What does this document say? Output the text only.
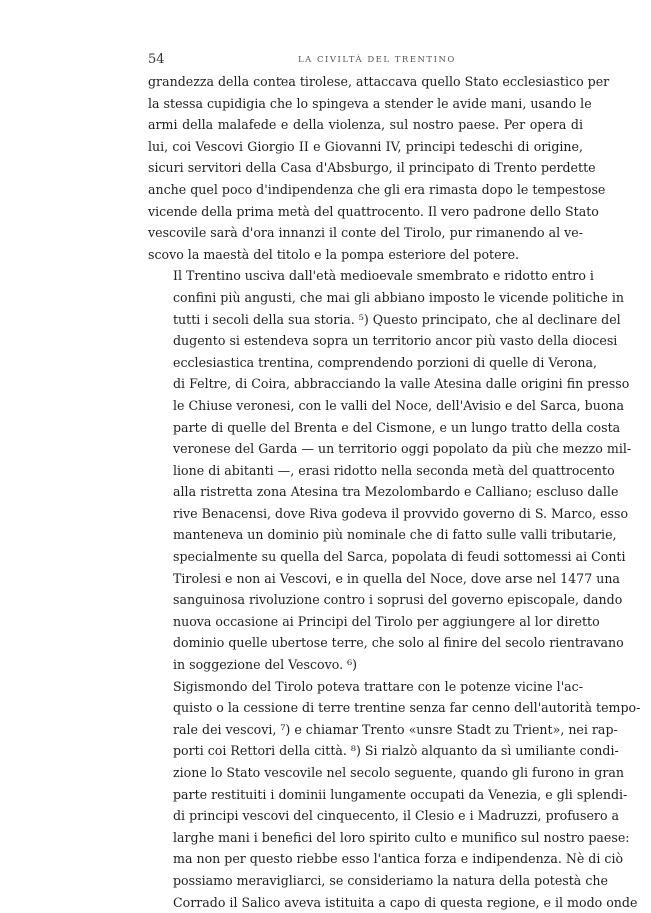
54	LA CIVILTÀ DEL TRENTINO
grandezza della contea tirolese, attaccava quello Stato ecclesiastico per
la stessa cupidigia che lo spingeva a stender le avide mani, usando le
armi della malafede e della violenza, sul nostro paese. Per opera di
lui, coi Vescovi Giorgio II e Giovanni IV, principi tedeschi di origine,
sicuri servitori della Casa d'Absburgo, il principato di Trento perdette
anche quel poco d'indipendenza che gli era rimasta dopo le tempestose
vicende della prima metà del quattrocento. Il vero padrone dello Stato
vescovile sarà d'ora innanzi il conte del Tirolo, pur rimanendo al ve-
scovo la maestà del titolo e la pompa esteriore del potere.
Il Trentino usciva dall'età medioevale smembrato e ridotto entro i
confini più angusti, che mai gli abbiano imposto le vicende politiche in
tutti i secoli della sua storia. ⁵) Questo principato, che al declinare del
dugento si estendeva sopra un territorio ancor più vasto della diocesi
ecclesiastica trentina, comprendendo porzioni di quelle di Verona,
di Feltre, di Coira, abbracciando la valle Atesina dalle origini fin presso
le Chiuse veronesi, con le valli del Noce, dell'Avisio e del Sarca, buona
parte di quelle del Brenta e del Cismone, e un lungo tratto della costa
veronese del Garda — un territorio oggi popolato da più che mezzo mil-
lione di abitanti —, erasi ridotto nella seconda metà del quattrocento
alla ristretta zona Atesina tra Mezolombardo e Calliano; escluso dalle
rive Benacensi, dove Riva godeva il provvido governo di S. Marco, esso
manteneva un dominio più nominale che di fatto sulle valli tributarie,
specialmente su quella del Sarca, popolata di feudi sottomessi ai Conti
Tirolesi e non ai Vescovi, e in quella del Noce, dove arse nel 1477 una
sanguinosa rivoluzione contro i soprusi del governo episcopale, dando
nuova occasione ai Principi del Tirolo per aggiungere al lor diretto
dominio quelle ubertose terre, che solo al finire del secolo rientravano
in soggezione del Vescovo. ⁶)
Sigismondo del Tirolo poteva trattare con le potenze vicine l'ac-
quisto o la cessione di terre trentine senza far cenno dell'autorità tempo-
rale dei vescovi, ⁷) e chiamar Trento «unsre Stadt zu Trient», nei rap-
porti coi Rettori della città. ⁸) Si rialzò alquanto da sì umiliante condi-
zione lo Stato vescovile nel secolo seguente, quando gli furono in gran
parte restituiti i dominii lungamente occupati da Venezia, e gli splendi-
di principi vescovi del cinquecento, il Clesio e i Madruzzi, profusero a
larghe mani i benefici del loro spirito culto e munifico sul nostro paese:
ma non per questo riebbe esso l'antica forza e indipendenza. Nè di ciò
possiamo meravigliarci, se consideriamo la natura della potestà che
Corrado il Salico aveva istituita a capo di questa regione, e il modo onde
